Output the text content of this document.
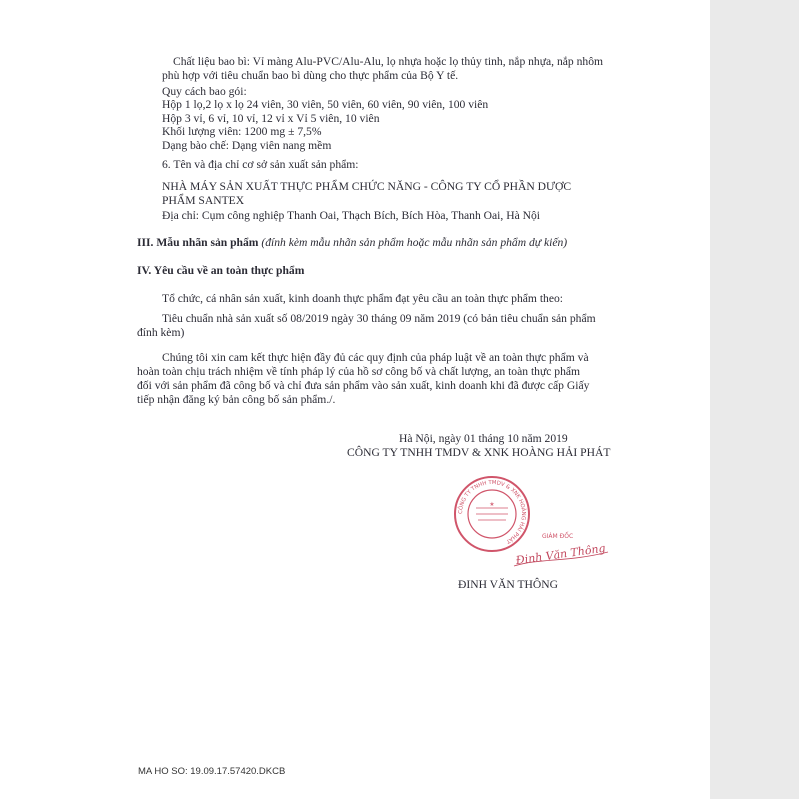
Chất liệu bao bì: Vỉ màng Alu-PVC/Alu-Alu, lọ nhựa hoặc lọ thủy tinh, nắp nhựa, nắp nhôm
phù hợp với tiêu chuẩn bao bì dùng cho thực phẩm của Bộ Y tế.
Quy cách bao gói:
Hộp 1 lọ,2 lọ x lọ 24 viên, 30 viên, 50 viên, 60 viên, 90 viên, 100 viên
Hộp 3 vỉ, 6 vỉ, 10 vỉ, 12 vỉ x Vỉ 5 viên, 10 viên
Khối lượng viên: 1200 mg ± 7,5%
Dạng bào chế: Dạng viên nang mềm
6. Tên và địa chỉ cơ sở sản xuất sản phẩm:
NHÀ MÁY SẢN XUẤT THỰC PHẨM CHỨC NĂNG - CÔNG TY CỔ PHẦN DƯỢC
PHẨM SANTEX
Địa chỉ: Cụm công nghiệp Thanh Oai, Thạch Bích, Bích Hòa, Thanh Oai, Hà Nội
III. Mẫu nhãn sản phẩm (đính kèm mẫu nhãn sản phẩm hoặc mẫu nhãn sản phẩm dự kiến)
IV. Yêu cầu về an toàn thực phẩm
Tổ chức, cá nhân sản xuất, kinh doanh thực phẩm đạt yêu cầu an toàn thực phẩm theo:
Tiêu chuẩn nhà sản xuất số 08/2019 ngày 30 tháng 09 năm 2019 (có bản tiêu chuẩn sản phẩm
đính kèm)
Chúng tôi xin cam kết thực hiện đầy đủ các quy định của pháp luật về an toàn thực phẩm và
hoàn toàn chịu trách nhiệm về tính pháp lý của hồ sơ công bố và chất lượng, an toàn thực phẩm
đối với sản phẩm đã công bố và chỉ đưa sản phẩm vào sản xuất, kinh doanh khi đã được cấp Giấy
tiếp nhận đăng ký bản công bố sản phẩm./.
Hà Nội, ngày 01 tháng 10 năm 2019
CÔNG TY TNHH TMDV & XNK HOÀNG HẢI PHÁT
CÔNG TY TNHH TMDV & XNK HOÀNG HẢI PHÁT
★
GIÁM ĐỐC
Đinh Văn Thông
ĐINH VĂN THÔNG
MA HO SO: 19.09.17.57420.DKCB
